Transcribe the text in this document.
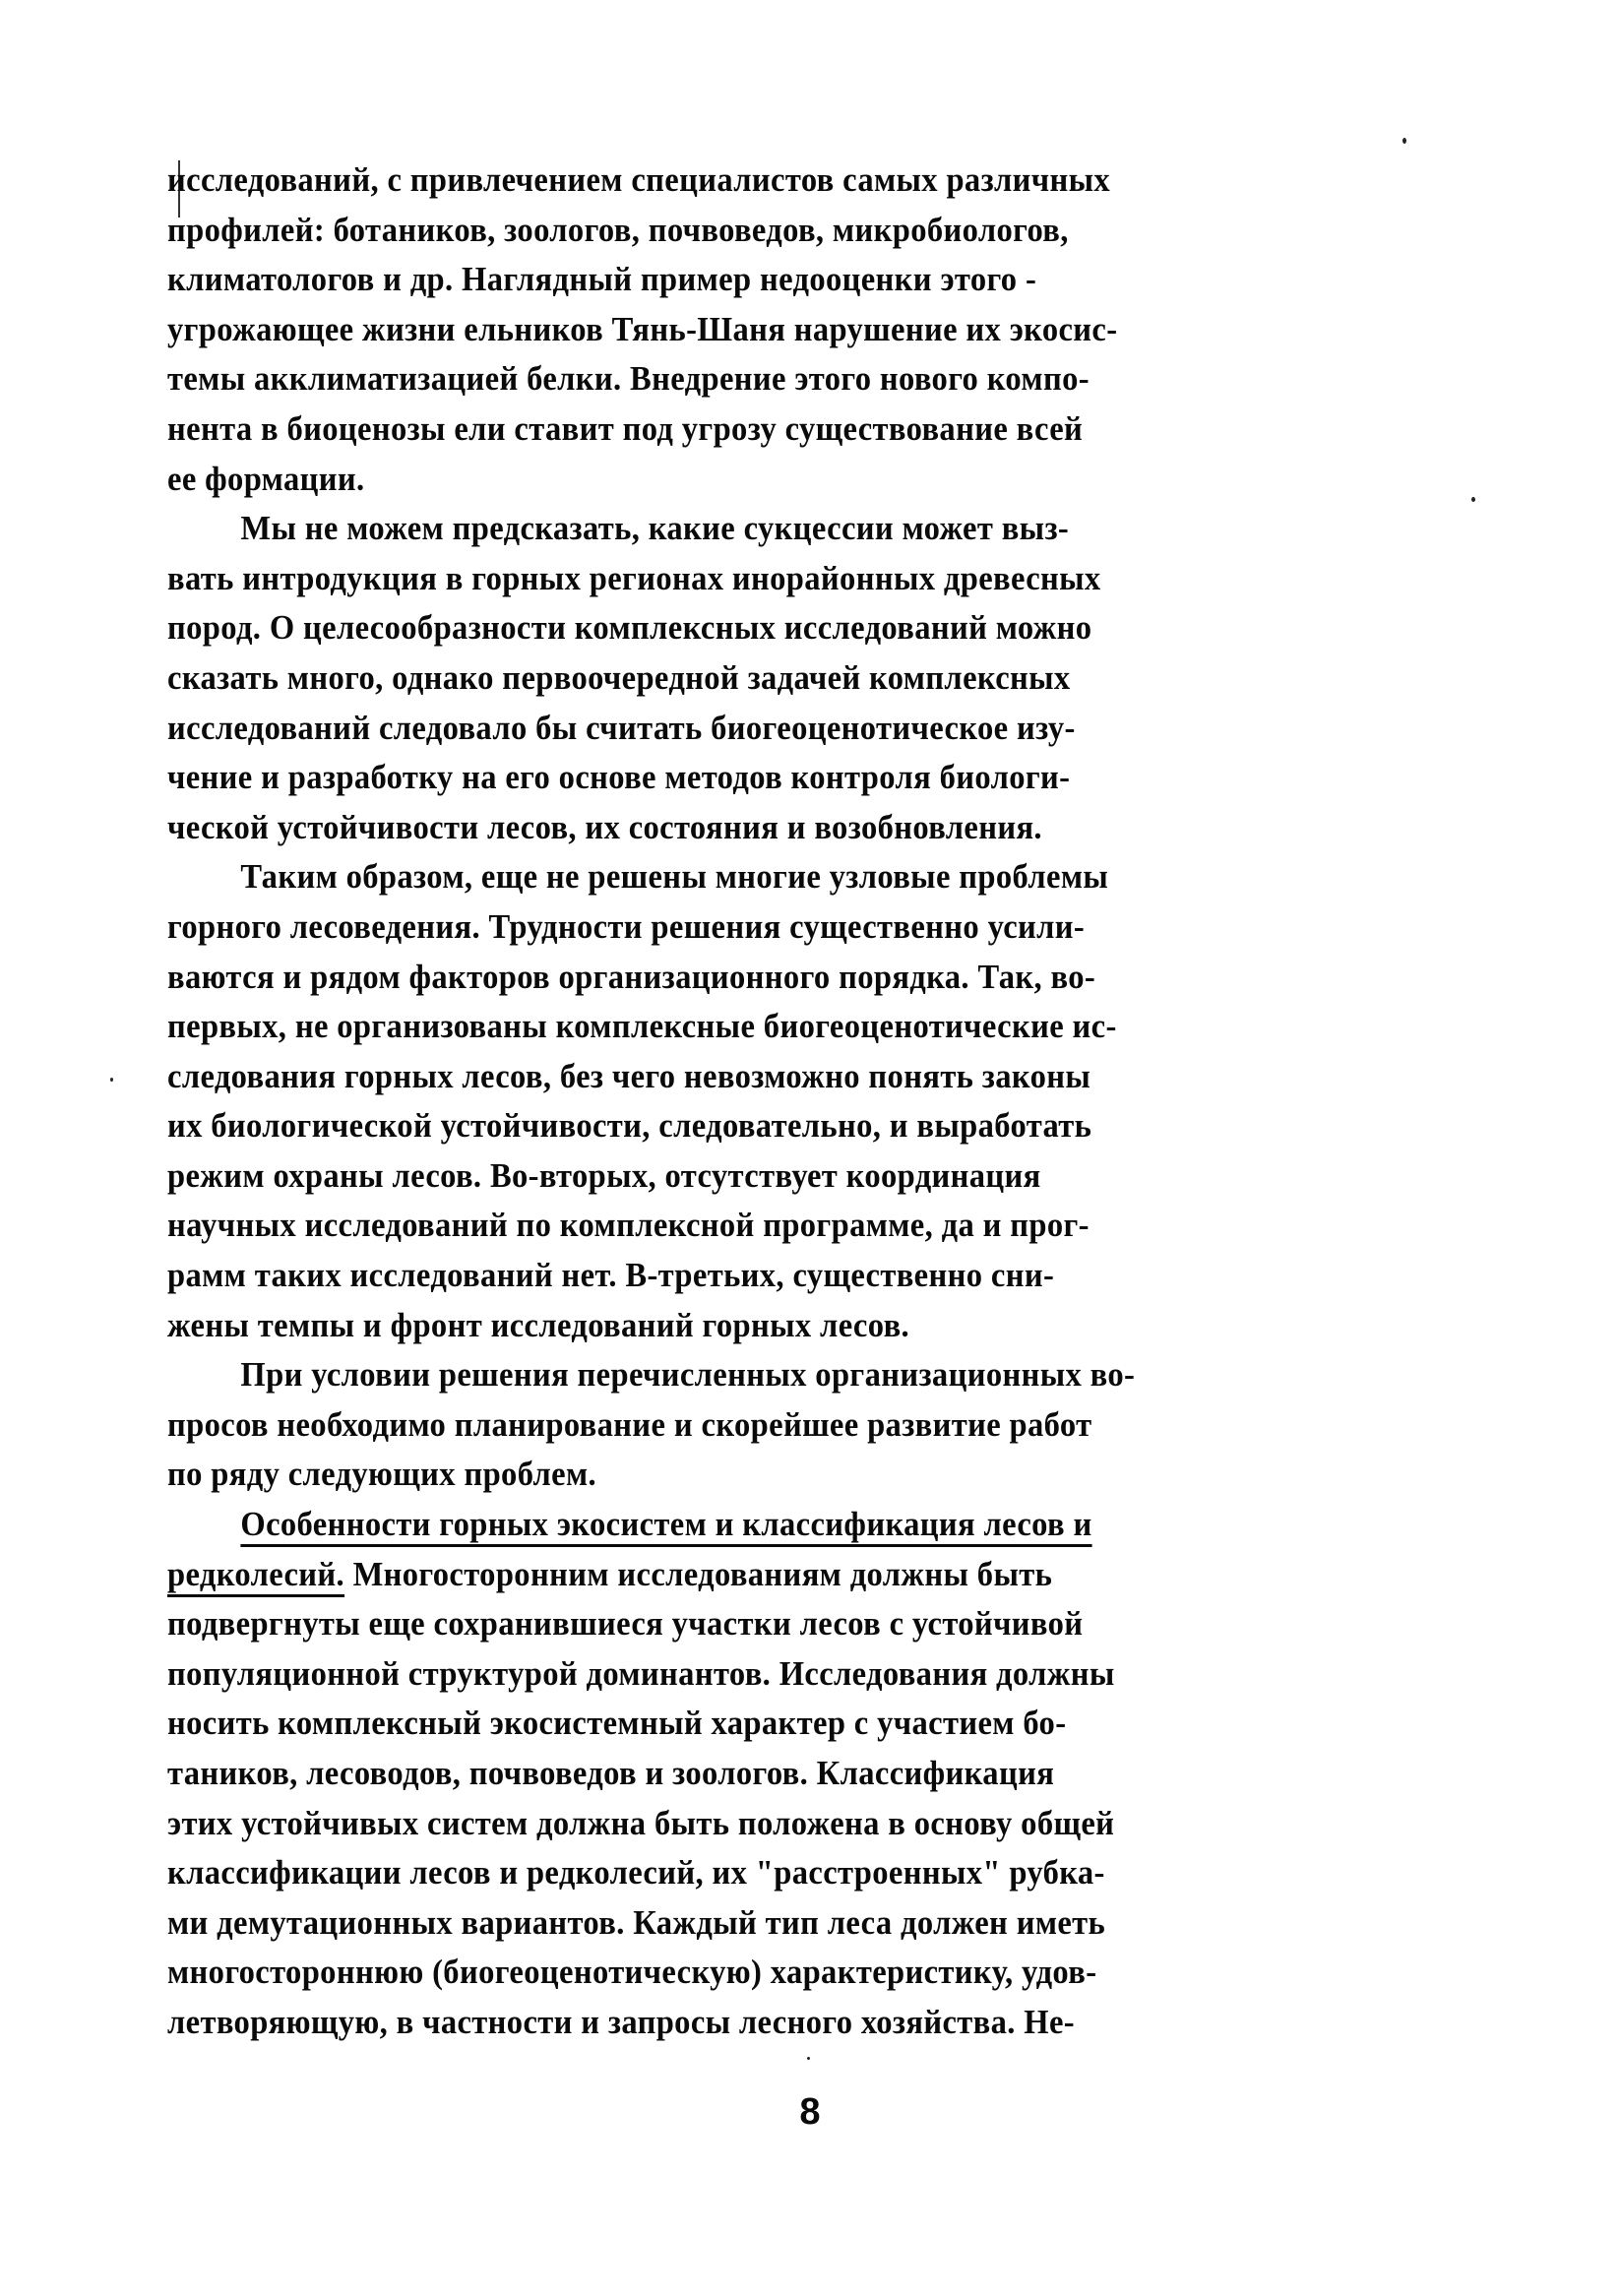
исследований, с привлечением специалистов самых различных
профилей: ботаников, зоологов, почвоведов, микробиологов,
климатологов и др. Наглядный пример недооценки этого -
угрожающее жизни ельников Тянь-Шаня нарушение их экосис-
темы акклиматизацией белки. Внедрение этого нового компо-
нента в биоценозы ели ставит под угрозу существование всей
ее формации.
Мы не можем предсказать, какие сукцессии может выз-
вать интродукция в горных регионах инорайонных древесных
пород. О целесообразности комплексных исследований можно
сказать много, однако первоочередной задачей комплексных
исследований следовало бы считать биогеоценотическое изу-
чение и разработку на его основе методов контроля биологи-
ческой устойчивости лесов, их состояния и возобновления.
Таким образом, еще не решены многие узловые проблемы
горного лесоведения. Трудности решения существенно усили-
ваются и рядом факторов организационного порядка. Так, во-
первых, не организованы комплексные биогеоценотические ис-
следования горных лесов, без чего невозможно понять законы
их биологической устойчивости, следовательно, и выработать
режим охраны лесов. Во-вторых, отсутствует координация
научных исследований по комплексной программе, да и прог-
рамм таких исследований нет. В-третьих, существенно сни-
жены темпы и фронт исследований горных лесов.
При условии решения перечисленных организационных во-
просов необходимо планирование и скорейшее развитие работ
по ряду следующих проблем.
Особенности горных экосистем и классификация лесов и
редколесий. Многосторонним исследованиям должны быть
подвергнуты еще сохранившиеся участки лесов с устойчивой
популяционной структурой доминантов. Исследования должны
носить комплексный экосистемный характер с участием бо-
таников, лесоводов, почвоведов и зоологов. Классификация
этих устойчивых систем должна быть положена в основу общей
классификации лесов и редколесий, их "расстроенных" рубка-
ми демутационных вариантов. Каждый тип леса должен иметь
многостороннюю (биогеоценотическую) характеристику, удов-
летворяющую, в частности и запросы лесного хозяйства. Не-
8
